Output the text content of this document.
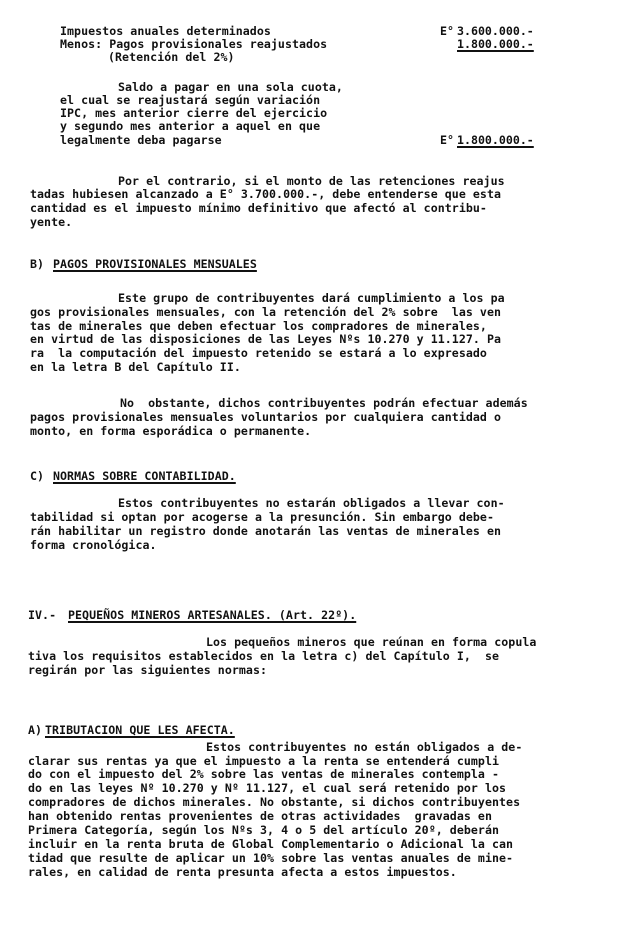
Impuestos anuales determinados	E° 3.600.000.-
Menos: Pagos provisionales reajustados	1.800.000.-
(Retención del 2%)
Saldo a pagar en una sola cuota,
el cual se reajustará según variación
IPC, mes anterior cierre del ejercicio
y segundo mes anterior a aquel en que
legalmente deba pagarse	E° 1.800.000.-
Por el contrario, si el monto de las retenciones reajus
tadas hubiesen alcanzado a E° 3.700.000.-, debe entenderse que esta
cantidad es el impuesto mínimo definitivo que afectó al contribu-
yente.
B) PAGOS PROVISIONALES MENSUALES
Este grupo de contribuyentes dará cumplimiento a los pa
gos provisionales mensuales, con la retención del 2% sobre  las ven
tas de minerales que deben efectuar los compradores de minerales,
en virtud de las disposiciones de las Leyes Nºs 10.270 y 11.127. Pa
ra  la computación del impuesto retenido se estará a lo expresado
en la letra B del Capítulo II.
No  obstante, dichos contribuyentes podrán efectuar además
pagos provisionales mensuales voluntarios por cualquiera cantidad o
monto, en forma esporádica o permanente.
C) NORMAS SOBRE CONTABILIDAD.
Estos contribuyentes no estarán obligados a llevar con-
tabilidad si optan por acogerse a la presunción. Sin embargo debe-
rán habilitar un registro donde anotarán las ventas de minerales en
forma cronológica.
IV.- PEQUEÑOS MINEROS ARTESANALES. (Art. 22º).
Los pequeños mineros que reúnan en forma copula
tiva los requisitos establecidos en la letra c) del Capítulo I,  se
regirán por las siguientes normas:
A) TRIBUTACION QUE LES AFECTA.
Estos contribuyentes no están obligados a de-
clarar sus rentas ya que el impuesto a la renta se entenderá cumpli
do con el impuesto del 2% sobre las ventas de minerales contempla -
do en las leyes Nº 10.270 y Nº 11.127, el cual será retenido por los
compradores de dichos minerales. No obstante, si dichos contribuyentes
han obtenido rentas provenientes de otras actividades  gravadas en
Primera Categoría, según los Nºs 3, 4 o 5 del artículo 20º, deberán
incluir en la renta bruta de Global Complementario o Adicional la can
tidad que resulte de aplicar un 10% sobre las ventas anuales de mine-
rales, en calidad de renta presunta afecta a estos impuestos.
